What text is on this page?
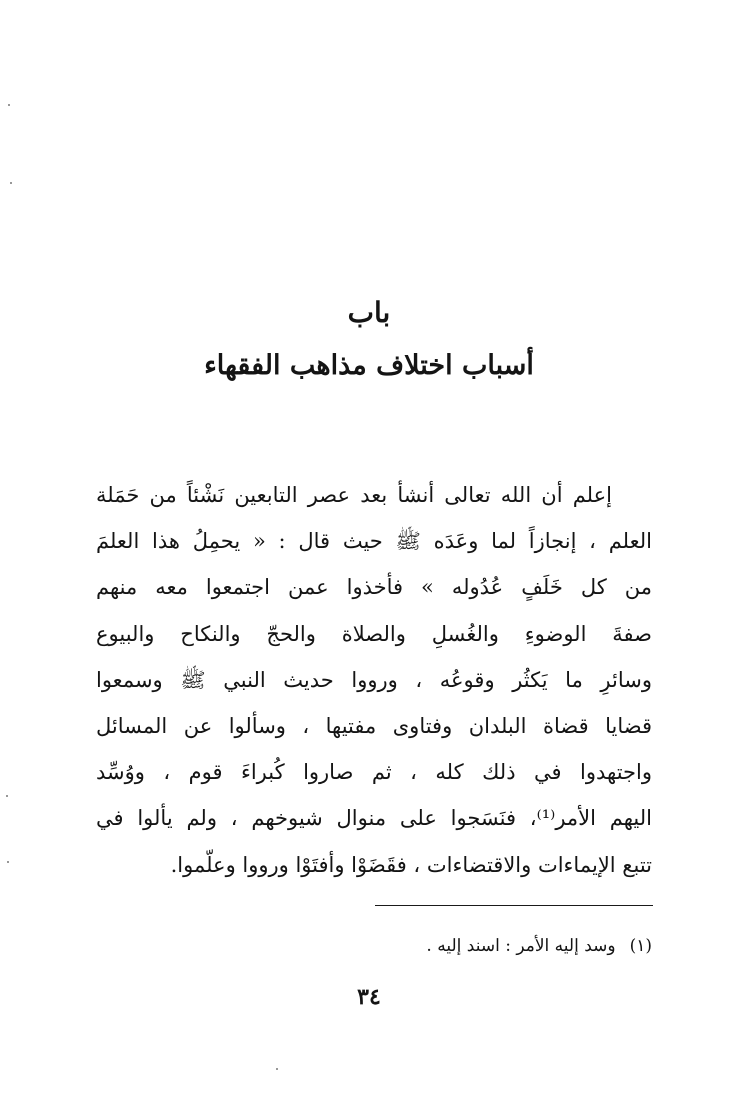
باب
أسباب اختلاف مذاهب الفقهاء
إعلم أن الله تعالى أنشأ بعد عصر التابعين نَشْئاً من حَمَلة
العلم ، إنجازاً لما وعَدَه ﷺ حيث قال : « يحمِلُ هذا العلمَ
من كل خَلَفٍ عُدُوله » فأخذوا عمن اجتمعوا معه منهم
صفةَ الوضوءِ والغُسلِ والصلاة والحجّ والنكاح والبيوع
وسائرِ ما يَكثُر وقوعُه ، ورووا حديث النبي ﷺ وسمعوا
قضايا قضاة البلدان وفتاوى مفتيها ، وسألوا عن المسائل
واجتهدوا في ذلك كله ، ثم صاروا كُبراءَ قوم ، ووُسِّد
اليهم الأمر⁽¹⁾، فنَسَجوا على منوال شيوخهم ، ولم يألوا في
تتبع الإيماءات والاقتضاءات ، فقَضَوْا وأفتَوْا ورووا وعلّموا.
(١)وسد إليه الأمر : اسند إليه .
٣٤
